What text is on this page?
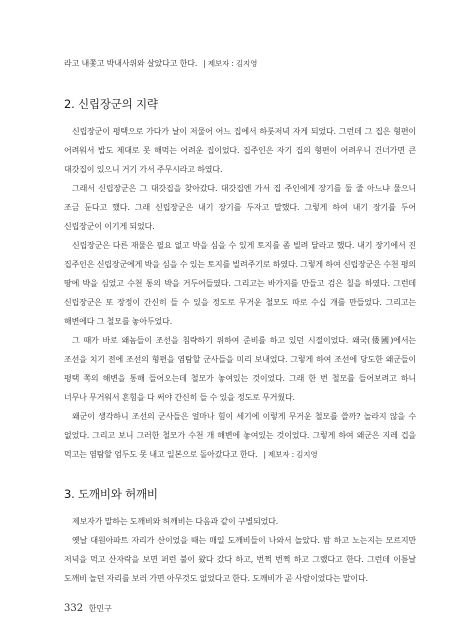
라고 내쫓고 박내사위와 살았다고 한다. | 제보자 : 김지영

2. 신립장군의 지략

신립장군이 평택으로 가다가 날이 저물어 어느 집에서 하룻저녁 자게 되었다. 그런데 그 집은 형편이 어려워서 밥도 제대로 못 해먹는 어려운 집이었다. 집주인은 자기 집의 형편이 어려우니 건너가면 큰 대갓집이 있으니 거기 가서 주무시라고 하였다.

그래서 신립장군은 그 대갓집을 찾아갔다. 대갓집엔 가서 집 주인에게 장기를 둘 줄 아느냐 물으니 조금 둔다고 했다. 그래 신립장군은 내기 장기를 두자고 말했다. 그렇게 하여 내기 장기를 두어 신립장군이 이기게 되었다.

신립장군은 다른 재물은 필요 없고 박을 심을 수 있게 토지를 좀 빌려 달라고 했다. 내기 장기에서 진 집주인은 신립장군에게 박을 심을 수 있는 토지를 빌려주기로 하였다. 그렇게 하여 신립장군은 수천 평의 땅에 박을 심었고 수천 통의 박을 거두어들였다. 그리고는 바가지를 만들고 검은 칠을 하였다. 그런데 신립장군은 또 장정이 간신히 들 수 있을 정도로 무거운 철모도 따로 수십 개를 만들었다. 그리고는 해변에다 그 철모를 놓아두었다.

그 때가 바로 왜놈들이 조선을 침략하기 위하여 준비를 하고 있던 시절이었다. 왜국(倭國)에서는 조선을 치기 전에 조선의 형편을 염탐할 군사들을 미리 보내었다. 그렇게 하여 조선에 당도한 왜군들이 평택 쪽의 해변을 통해 들어오는데 철모가 놓여있는 것이었다. 그래 한 번 철모를 들어보려고 하니 너무나 무거워서 혼힘을 다 써야 간신히 들 수 있을 정도로 무거웠다.

왜군이 생각하니 조선의 군사들은 얼마나 힘이 세기에 이렇게 무거운 철모를 쓸까? 놀라지 않을 수 없었다. 그리고 보니 그러한 철모가 수천 개 해변에 놓여있는 것이었다. 그렇게 하여 왜군은 지레 겁을 먹고는 염탐할 엄두도 못 내고 일본으로 돌아갔다고 한다. | 제보자 : 김지영

3. 도깨비와 허깨비

제보자가 말하는 도깨비와 허깨비는 다음과 같이 구별되었다.

옛날 대원아파트 자리가 산이었을 때는 매일 도깨비들이 나와서 놀았다. 밤 하고 노는지는 모르지만 저녁을 먹고 산자락을 보면 퍼런 불이 왔다 갔다 하고, 번쩍 번쩍 하고 그랬다고 한다. 그런데 이튿날 도깨비 놀던 자리를 보러 가면 아무것도 없었다고 한다. 도깨비가 곧 사람이었다는 말이다.

332 한민구
